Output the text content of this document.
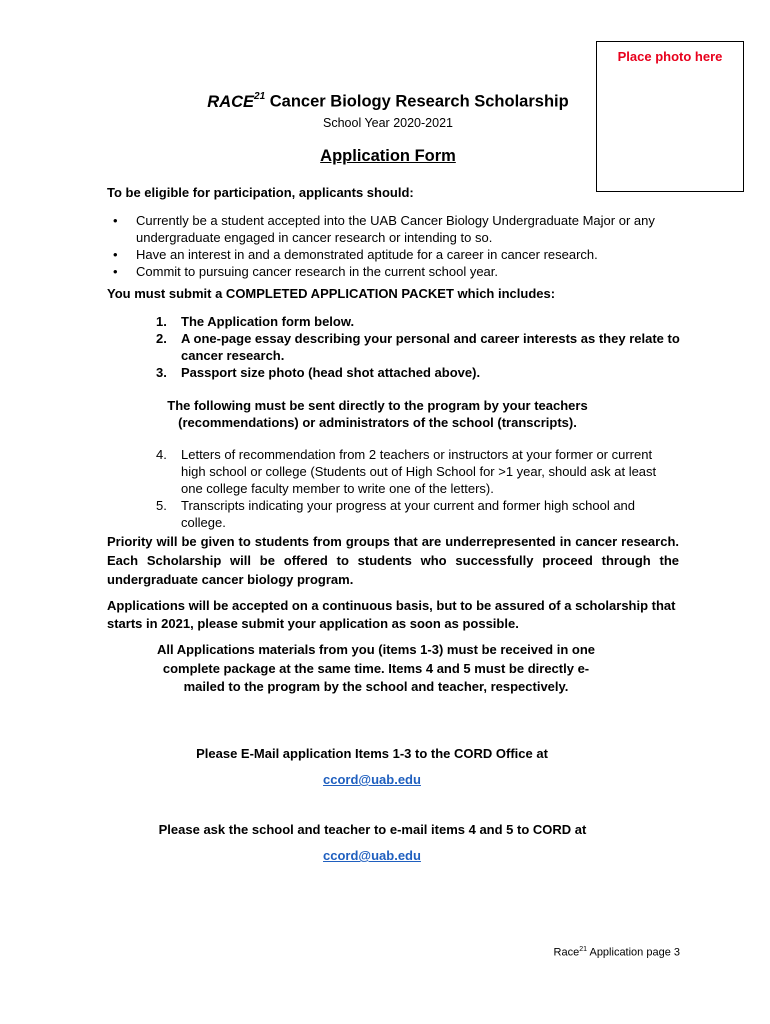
Place photo here
RACE$^{21}$ Cancer Biology Research Scholarship
School Year 2020-2021
Application Form
To be eligible for participation, applicants should:
• Currently be a student accepted into the UAB Cancer Biology Undergraduate Major or any undergraduate engaged in cancer research or intending to so.
• Have an interest in and a demonstrated aptitude for a career in cancer research.
• Commit to pursuing cancer research in the current school year.
You must submit a COMPLETED APPLICATION PACKET which includes:
1. The Application form below.
2. A one-page essay describing your personal and career interests as they relate to cancer research.
3. Passport size photo (head shot attached above).
The following must be sent directly to the program by your teachers (recommendations) or administrators of the school (transcripts).
4. Letters of recommendation from 2 teachers or instructors at your former or current high school or college (Students out of High School for >1 year, should ask at least one college faculty member to write one of the letters).
5. Transcripts indicating your progress at your current and former high school and college.
Priority will be given to students from groups that are underrepresented in cancer research. Each Scholarship will be offered to students who successfully proceed through the undergraduate cancer biology program.
Applications will be accepted on a continuous basis, but to be assured of a scholarship that starts in 2021, please submit your application as soon as possible.
All Applications materials from you (items 1-3) must be received in one complete package at the same time. Items 4 and 5 must be directly e-mailed to the program by the school and teacher, respectively.
Please E-Mail application Items 1-3 to the CORD Office at
ccord@uab.edu
Please ask the school and teacher to e-mail items 4 and 5 to CORD at
ccord@uab.edu
Race$^{21}$ Application page 3
